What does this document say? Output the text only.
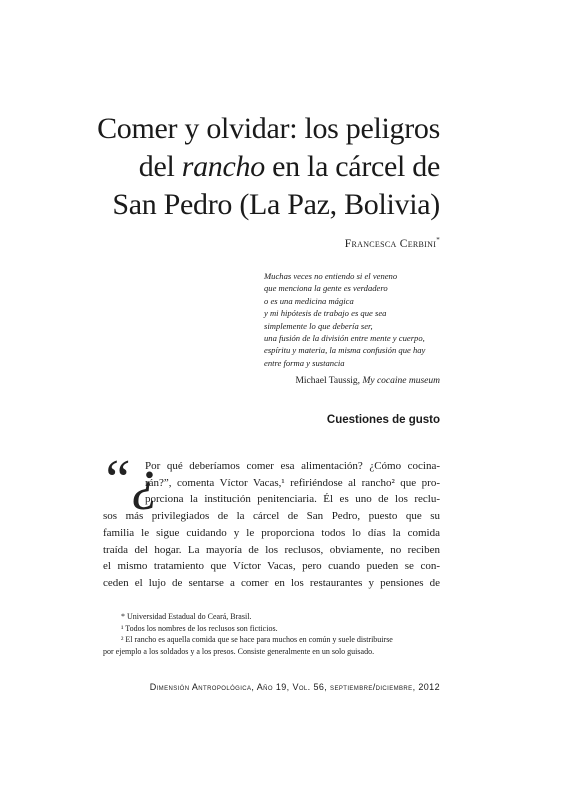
Comer y olvidar: los peligros
del rancho en la cárcel de
San Pedro (La Paz, Bolivia)
Francesca Cerbini*
Muchas veces no entiendo si el veneno
que menciona la gente es verdadero
o es una medicina mágica
y mi hipótesis de trabajo es que sea
simplemente lo que debería ser,
una fusión de la división entre mente y cuerpo,
espíritu y materia, la misma confusión que hay
entre forma y sustancia
Michael Taussig, My cocaine museum
Cuestiones de gusto
“¿
Por qué deberíamos comer esa alimentación? ¿Cómo cocina-
rán?”, comenta Víctor Vacas,¹ refiriéndose al rancho² que pro-
porciona la institución penitenciaria. Él es uno de los reclu-
sos más privilegiados de la cárcel de San Pedro, puesto que su
familia le sigue cuidando y le proporciona todos lo días la comida
traída del hogar. La mayoría de los reclusos, obviamente, no reciben
el mismo tratamiento que Víctor Vacas, pero cuando pueden se con-
ceden el lujo de sentarse a comer en los restaurantes y pensiones de
* Universidad Estadual do Ceará, Brasil.
¹ Todos los nombres de los reclusos son ficticios.
² El rancho es aquella comida que se hace para muchos en común y suele distribuirse
por ejemplo a los soldados y a los presos. Consiste generalmente en un solo guisado.
Dimensión Antropológica, Año 19, Vol. 56, septiembre/diciembre, 2012
